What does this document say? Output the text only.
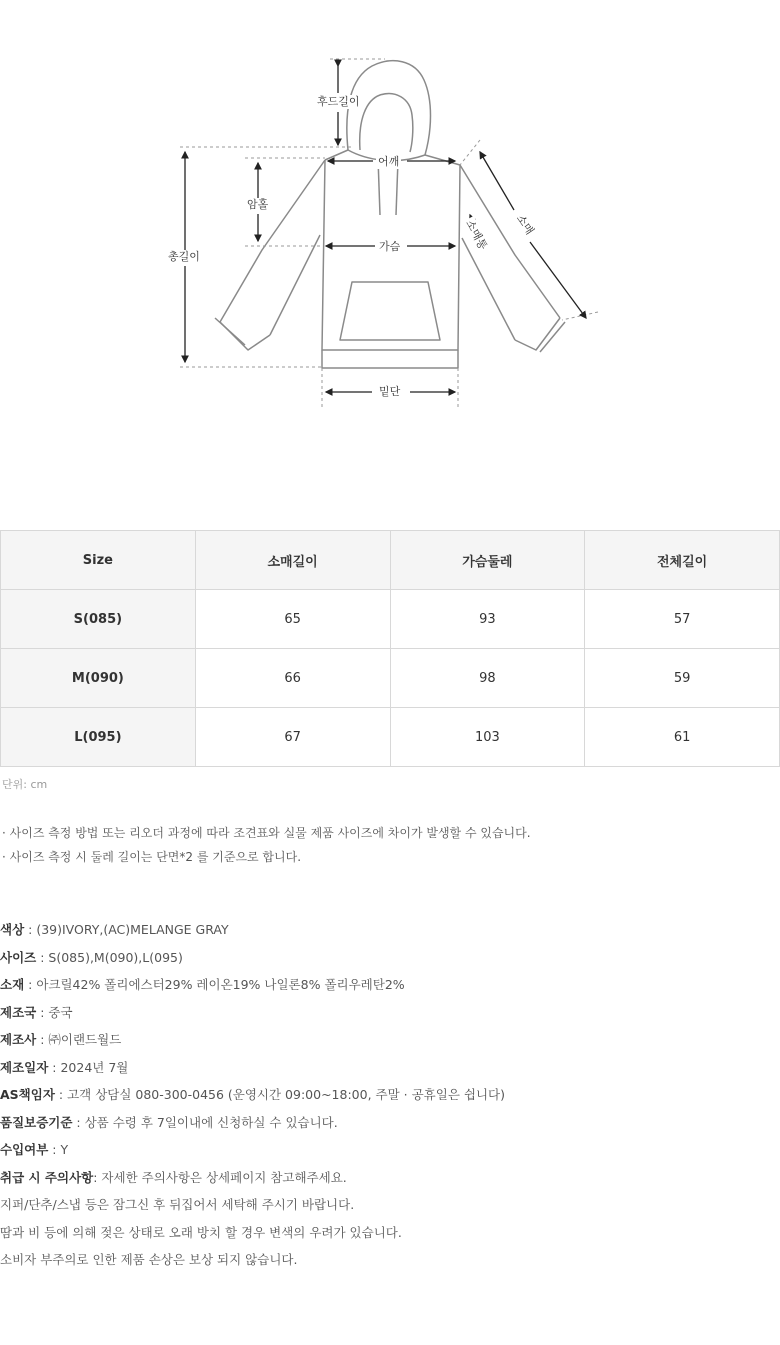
후드길이
어깨
암홀
총길이
가슴
소매
소매통
밑단
Size	소매길이	가슴둘레	전체길이
S(085)	65	93	57
M(090)	66	98	59
L(095)	67	103	61
단위: cm
· 사이즈 측정 방법 또는 리오더 과정에 따라 조견표와 실물 제품 사이즈에 차이가 발생할 수 있습니다.
· 사이즈 측정 시 둘레 길이는 단면*2 를 기준으로 합니다.
색상 : (39)IVORY,(AC)MELANGE GRAY
사이즈 : S(085),M(090),L(095)
소재 : 아크릴42% 폴리에스터29% 레이온19% 나일론8% 폴리우레탄2%
제조국 : 중국
제조사 : ㈜이랜드월드
제조일자 : 2024년 7월
AS책임자 : 고객 상담실 080-300-0456 (운영시간 09:00~18:00, 주말 · 공휴일은 쉽니다)
품질보증기준 : 상품 수령 후 7일이내에 신청하실 수 있습니다.
수입여부 : Y
취급 시 주의사항: 자세한 주의사항은 상세페이지 참고해주세요.
지퍼/단추/스냅 등은 잠그신 후 뒤집어서 세탁해 주시기 바랍니다.
땀과 비 등에 의해 젖은 상태로 오래 방치 할 경우 변색의 우려가 있습니다.
소비자 부주의로 인한 제품 손상은 보상 되지 않습니다.
